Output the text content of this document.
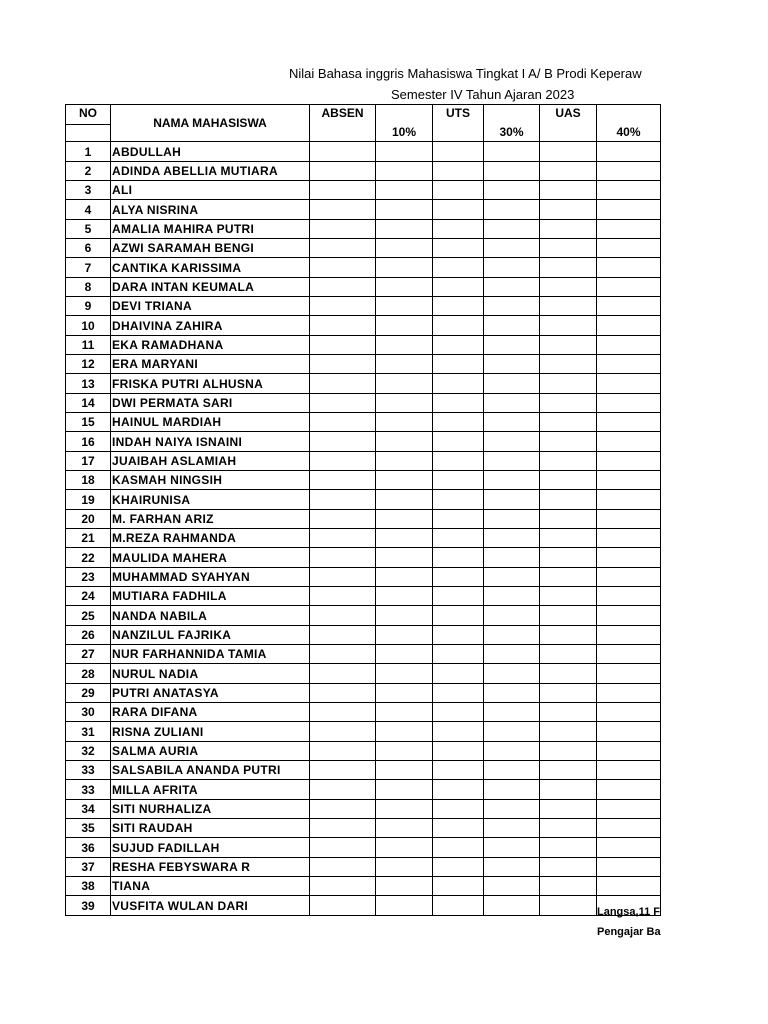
Nilai Bahasa inggris Mahasiswa Tingkat I A/ B Prodi Keperaw
Semester IV Tahun Ajaran 2023
NO	NAMA MAHASISWA	ABSEN	10%	UTS	30%	UAS	40%

1	ABDULLAH						
2	ADINDA ABELLIA MUTIARA						
3	ALI						
4	ALYA NISRINA						
5	AMALIA MAHIRA PUTRI						
6	AZWI SARAMAH BENGI						
7	CANTIKA KARISSIMA						
8	DARA INTAN KEUMALA						
9	DEVI TRIANA						
10	DHAIVINA ZAHIRA						
11	EKA RAMADHANA						
12	ERA MARYANI						
13	FRISKA PUTRI ALHUSNA						
14	DWI PERMATA SARI						
15	HAINUL MARDIAH						
16	INDAH NAIYA ISNAINI						
17	JUAIBAH ASLAMIAH						
18	KASMAH NINGSIH						
19	KHAIRUNISA						
20	M. FARHAN ARIZ						
21	M.REZA RAHMANDA						
22	MAULIDA MAHERA						
23	MUHAMMAD SYAHYAN						
24	MUTIARA FADHILA						
25	NANDA NABILA						
26	NANZILUL FAJRIKA						
27	NUR FARHANNIDA TAMIA						
28	NURUL NADIA						
29	PUTRI ANATASYA						
30	RARA DIFANA						
31	RISNA ZULIANI						
32	SALMA AURIA						
33	SALSABILA ANANDA PUTRI						
33	MILLA AFRITA						
34	SITI NURHALIZA						
35	SITI RAUDAH						
36	SUJUD FADILLAH						
37	RESHA FEBYSWARA R						
38	TIANA						
39	VUSFITA WULAN DARI							Langsa,11 F
Pengajar Ba
